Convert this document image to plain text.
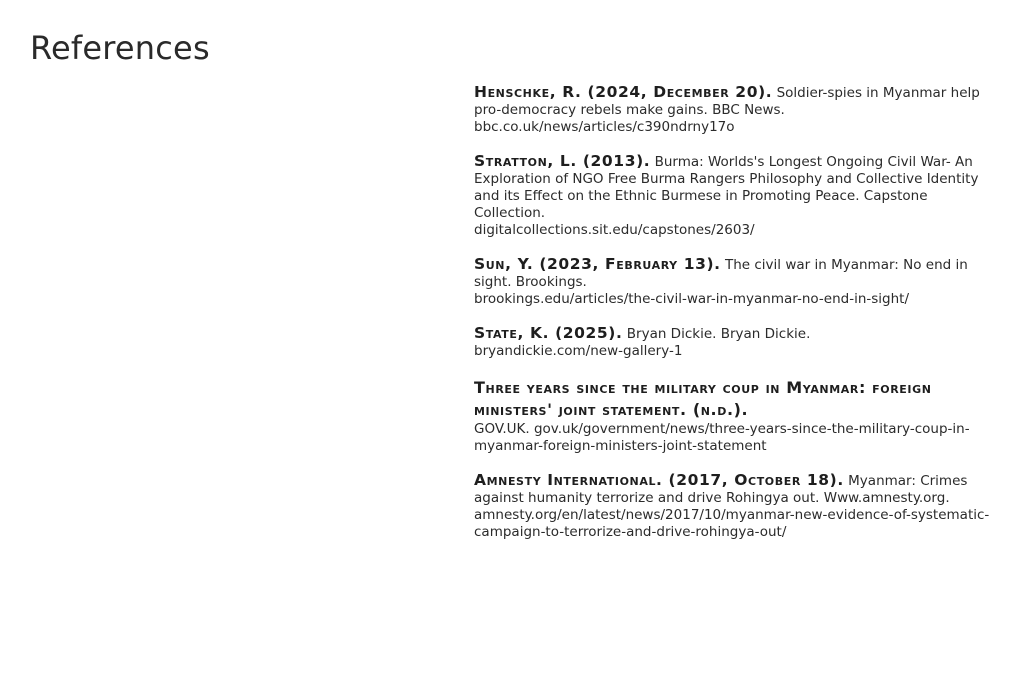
References
Henschke, R. (2024, December 20). Soldier-spies in Myanmar help pro-democracy rebels make gains. BBC News.
bbc.co.uk/news/articles/c390ndrny17o
Stratton, L. (2013). Burma: Worlds's Longest Ongoing Civil War- An Exploration of NGO Free Burma Rangers Philosophy and Collective Identity and its Effect on the Ethnic Burmese in Promoting Peace. Capstone Collection.
digitalcollections.sit.edu/capstones/2603/
Sun, Y. (2023, February 13). The civil war in Myanmar: No end in sight. Brookings.
brookings.edu/articles/the-civil-war-in-myanmar-no-end-in-sight/
State, K. (2025). Bryan Dickie. Bryan Dickie.
bryandickie.com/new-gallery-1
Three years since the military coup in Myanmar: foreign ministers' joint statement. (n.d.).
GOV.UK. gov.uk/government/news/three-years-since-the-military-coup-in-myanmar-foreign-ministers-joint-statement
Amnesty International. (2017, October 18). Myanmar: Crimes against humanity terrorize and drive Rohingya out. Www.amnesty.org.
amnesty.org/en/latest/news/2017/10/myanmar-new-evidence-of-systematic-campaign-to-terrorize-and-drive-rohingya-out/
